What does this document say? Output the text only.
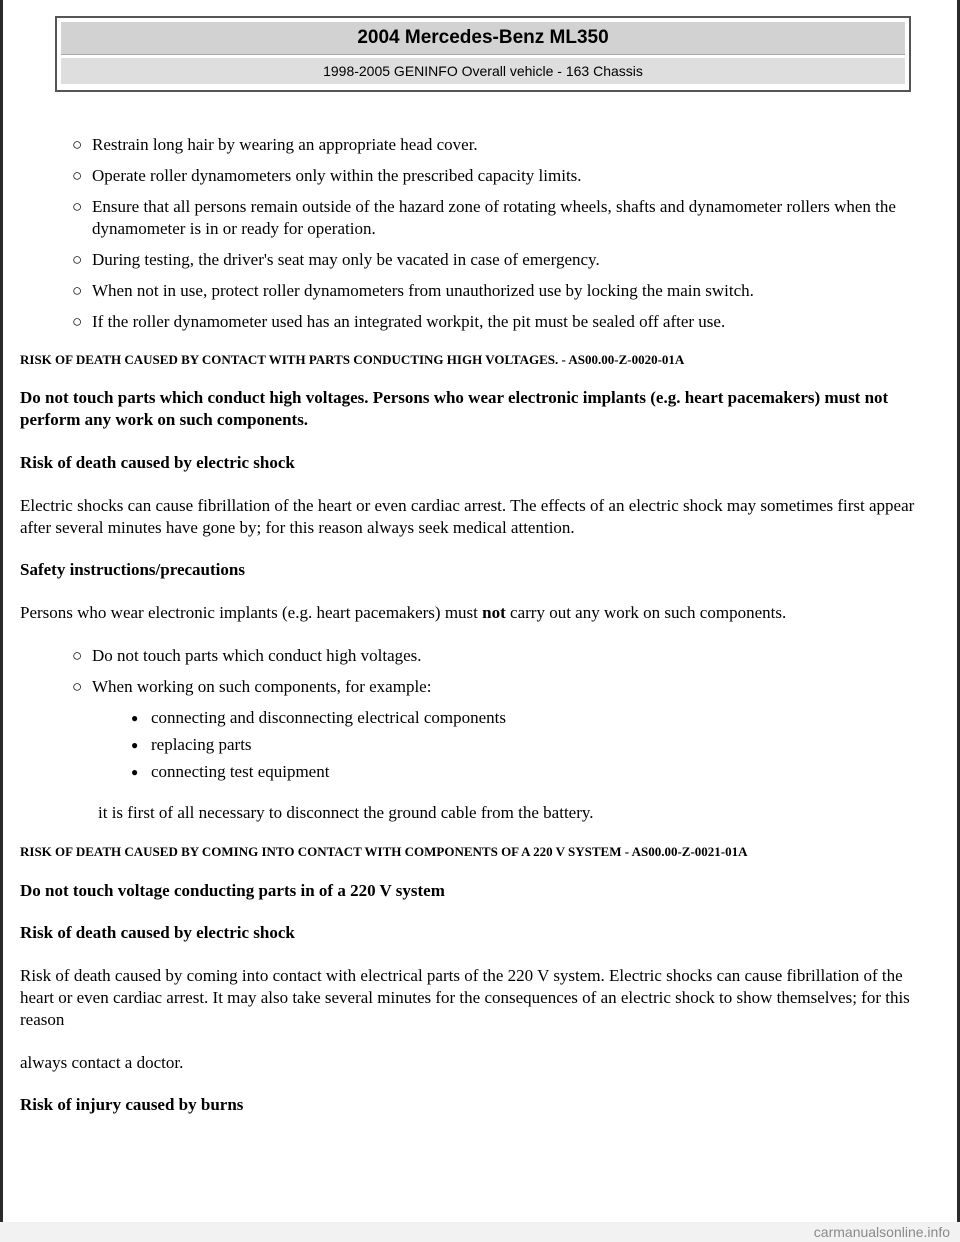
2004 Mercedes-Benz ML350
1998-2005 GENINFO Overall vehicle - 163 Chassis
○ Restrain long hair by wearing an appropriate head cover.
○ Operate roller dynamometers only within the prescribed capacity limits.
○ Ensure that all persons remain outside of the hazard zone of rotating wheels, shafts and dynamometer rollers when the dynamometer is in or ready for operation.
○ During testing, the driver's seat may only be vacated in case of emergency.
○ When not in use, protect roller dynamometers from unauthorized use by locking the main switch.
○ If the roller dynamometer used has an integrated workpit, the pit must be sealed off after use.

RISK OF DEATH CAUSED BY CONTACT WITH PARTS CONDUCTING HIGH VOLTAGES. - AS00.00-Z-0020-01A

Do not touch parts which conduct high voltages. Persons who wear electronic implants (e.g. heart pacemakers) must not perform any work on such components.

Risk of death caused by electric shock

Electric shocks can cause fibrillation of the heart or even cardiac arrest. The effects of an electric shock may sometimes first appear after several minutes have gone by; for this reason always seek medical attention.

Safety instructions/precautions

Persons who wear electronic implants (e.g. heart pacemakers) must not carry out any work on such components.

○ Do not touch parts which conduct high voltages.
○ When working on such components, for example:
● connecting and disconnecting electrical components
● replacing parts
● connecting test equipment

it is first of all necessary to disconnect the ground cable from the battery.

RISK OF DEATH CAUSED BY COMING INTO CONTACT WITH COMPONENTS OF A 220 V SYSTEM - AS00.00-Z-0021-01A

Do not touch voltage conducting parts in of a 220 V system

Risk of death caused by electric shock

Risk of death caused by coming into contact with electrical parts of the 220 V system. Electric shocks can cause fibrillation of the heart or even cardiac arrest. It may also take several minutes for the consequences of an electric shock to show themselves; for this reason

always contact a doctor.

Risk of injury caused by burns

carmanualsonline.info
